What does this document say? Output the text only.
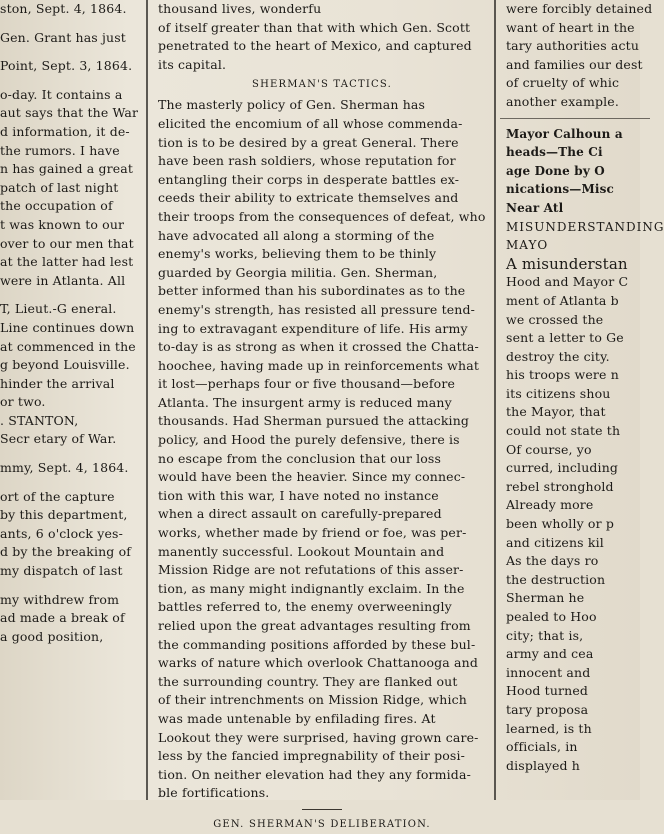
ston, Sept. 4, 1864.

Gen. Grant has just

Point, Sept. 3, 1864.

o-day. It contains a
aut says that the War
d information, it de-
the rumors. I have
n has gained a great
patch of last night
the occupation of
t was known to our
over to our men that
at the latter had lest
were in Atlanta. All

T, Lieut.-G eneral.
Line continues down
at commenced in the
g beyond Louisville.
hinder the arrival
or two.
. STANTON,
Secr etary of War.

mmy, Sept. 4, 1864.

ort of the capture
by this department,
ants, 6 o'clock yes-
d by the breaking of
my dispatch of last

my withdrew from
ad made a break of
a good position,
thousand lives, wonderfu
of itself greater than that with which Gen. Scott
penetrated to the heart of Mexico, and captured
its capital.
SHERMAN'S TACTICS.
The masterly policy of Gen. Sherman has
elicited the encomium of all whose commenda-
tion is to be desired by a great General. There
have been rash soldiers, whose reputation for
entangling their corps in desperate battles ex-
ceeds their ability to extricate themselves and
their troops from the consequences of defeat, who
have advocated all along a storming of the
enemy's works, believing them to be thinly
guarded by Georgia militia. Gen. Sherman,
better informed than his subordinates as to the
enemy's strength, has resisted all pressure tend-
ing to extravagant expenditure of life. His army
to-day is as strong as when it crossed the Chatta-
hoochee, having made up in reinforcements what
it lost—perhaps four or five thousand—before
Atlanta. The insurgent army is reduced many
thousands. Had Sherman pursued the attacking
policy, and Hood the purely defensive, there is
no escape from the conclusion that our loss
would have been the heavier. Since my connec-
tion with this war, I have noted no instance
when a direct assault on carefully-prepared
works, whether made by friend or foe, was per-
manently successful. Lookout Mountain and
Mission Ridge are not refutations of this asser-
tion, as many might indignantly exclaim. In the
battles referred to, the enemy overweeningly
relied upon the great advantages resulting from
the commanding positions afforded by these bul-
warks of nature which overlook Chattanooga and
the surrounding country. They are flanked out
of their intrenchments on Mission Ridge, which
was made untenable by enfilading fires. At
Lookout they were surprised, having grown care-
less by the fancied impregnability of their posi-
tion. On neither elevation had they any formida-
ble fortifications.
GEN. SHERMAN'S DELIBERATION.
were forcibly detained
want of heart in the
tary authorities actu
and families our dest
of cruelty of whic
another example.
Mayor Calhoun a
heads—The Ci
age Done by O
nications—Misc
Near Atl
MISUNDERSTANDING
MAYO
A misunderstan
Hood and Mayor C
ment of Atlanta b
we crossed the
sent a letter to Ge
destroy the city.
his troops were n
its citizens shou
the Mayor, that
could not state th
Of course, yo
curred, including
rebel stronghold
Already more
been wholly or p
and citizens kil
As the days ro
the destruction
Sherman he
pealed to Hoo
city; that is,
army and cea
innocent and
Hood turned
tary proposa
learned, is th
officials, in
displayed h
